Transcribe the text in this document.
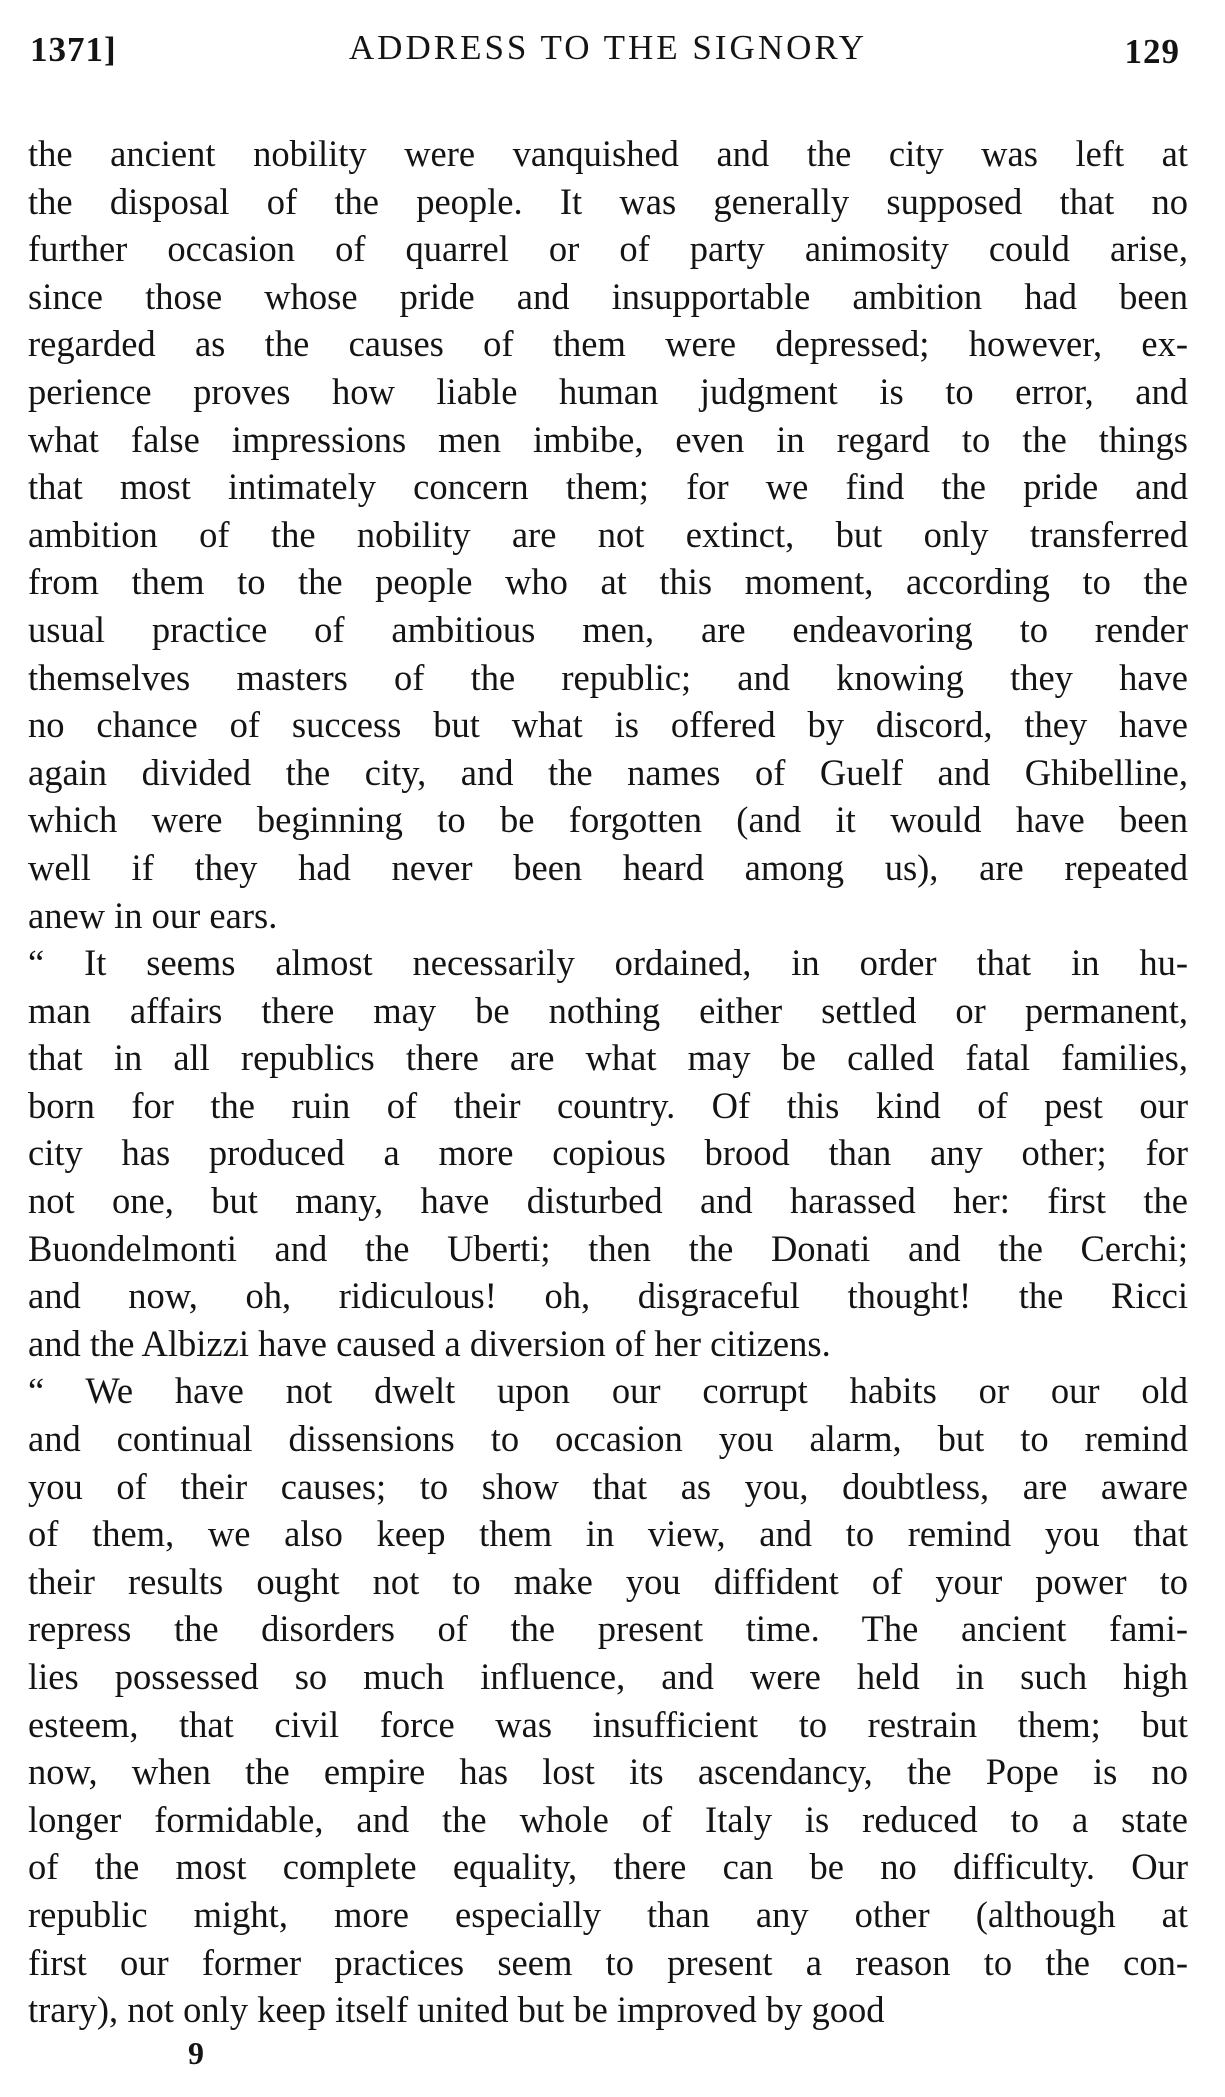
1371]	ADDRESS TO THE SIGNORY	129
the ancient nobility were vanquished and the city was left at
the disposal of the people. It was generally supposed that no
further occasion of quarrel or of party animosity could arise,
since those whose pride and insupportable ambition had been
regarded as the causes of them were depressed; however, ex-
perience proves how liable human judgment is to error, and
what false impressions men imbibe, even in regard to the things
that most intimately concern them; for we find the pride and
ambition of the nobility are not extinct, but only transferred
from them to the people who at this moment, according to the
usual practice of ambitious men, are endeavoring to render
themselves masters of the republic; and knowing they have
no chance of success but what is offered by discord, they have
again divided the city, and the names of Guelf and Ghibelline,
which were beginning to be forgotten (and it would have been
well if they had never been heard among us), are repeated
anew in our ears.
“ It seems almost necessarily ordained, in order that in hu-
man affairs there may be nothing either settled or permanent,
that in all republics there are what may be called fatal families,
born for the ruin of their country. Of this kind of pest our
city has produced a more copious brood than any other; for
not one, but many, have disturbed and harassed her: first the
Buondelmonti and the Uberti; then the Donati and the Cerchi;
and now, oh, ridiculous! oh, disgraceful thought! the Ricci
and the Albizzi have caused a diversion of her citizens.
“ We have not dwelt upon our corrupt habits or our old
and continual dissensions to occasion you alarm, but to remind
you of their causes; to show that as you, doubtless, are aware
of them, we also keep them in view, and to remind you that
their results ought not to make you diffident of your power to
repress the disorders of the present time. The ancient fami-
lies possessed so much influence, and were held in such high
esteem, that civil force was insufficient to restrain them; but
now, when the empire has lost its ascendancy, the Pope is no
longer formidable, and the whole of Italy is reduced to a state
of the most complete equality, there can be no difficulty. Our
republic might, more especially than any other (although at
first our former practices seem to present a reason to the con-
trary), not only keep itself united but be improved by good
9
